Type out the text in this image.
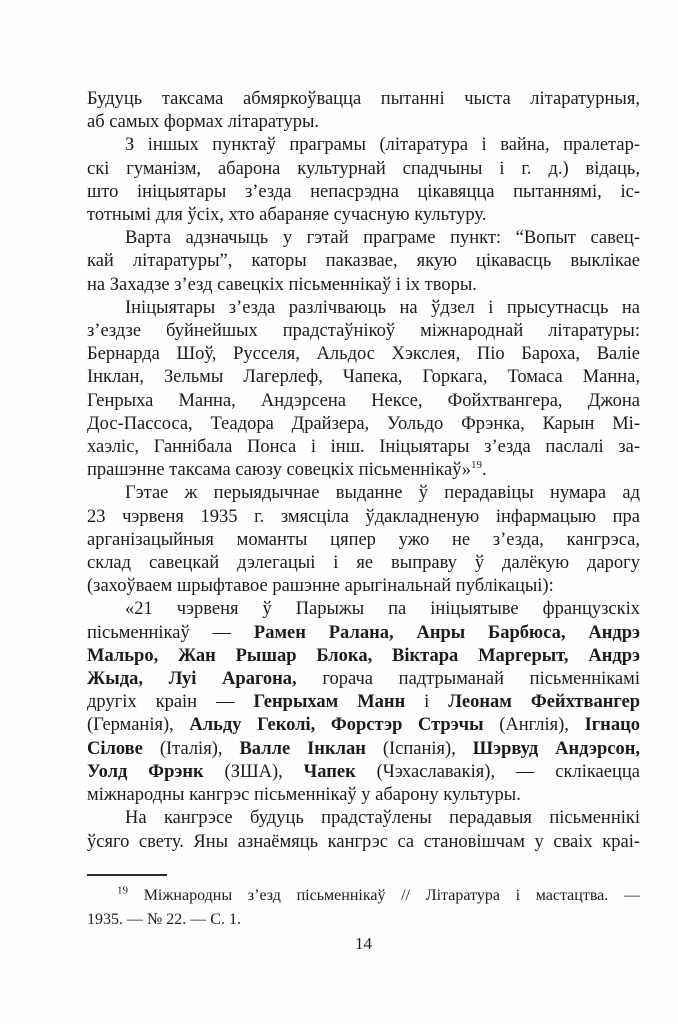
Будуць таксама абмяркоўвацца пытанні чыста літаратурныя,
аб самых формах літаратуры.
З іншых пунктаў праграмы (літаратура і вайна, пралетар-
скі гуманізм, абарона культурнай спадчыны і г. д.) відаць,
што ініцыятары з’езда непасрэдна цікавяцца пытаннямі, іс-
тотнымі для ўсіх, хто абараняе сучасную культуру.
Варта адзначыць у гэтай праграме пункт: “Вопыт савец-
кай літаратуры”, каторы паказвае, якую цікавасць выклікае
на Захадзе з’езд савецкіх пісьменнікаў і іх творы.
Ініцыятары з’езда разлічваюць на ўдзел і прысутнасць на
з’ездзе буйнейшых прадстаўнікоў міжнароднай літаратуры:
Бернарда Шоў, Русселя, Альдос Хэкслея, Піо Бароха, Валіе
Інклан, Зельмы Лагерлеф, Чапека, Горкага, Томаса Манна,
Генрыха Манна, Андэрсена Нексе, Фойхтвангера, Джона
Дос-Пассоса, Теадора Драйзера, Уольдо Фрэнка, Карын Мі-
хаэліс, Ганнібала Понса і інш. Ініцыятары з’езда паслалі за-
прашэнне таксама саюзу совецкіх пісьменнікаў»$^{19}$.
Гэтае ж перыядычнае выданне ў перадавіцы нумара ад
23 чэрвеня 1935 г. змясціла ўдакладненую інфармацыю пра
арганізацыйныя моманты цяпер ужо не з’езда, кангрэса,
склад савецкай дэлегацыі і яе выправу ў далёкую дарогу
(захоўваем шрыфтавое рашэнне арыгінальнай публікацыі):
«21 чэрвеня ў Парыжы па ініцыятыве французскіх
пісьменнікаў — Рамен Ралана, Анры Барбюса, Андрэ
Мальро, Жан Рышар Блока, Віктара Маргерыт, Андрэ
Жыда, Луі Арагона, горача падтрыманай пісьменнікамі
другіх краін — Генрыхам Манн і Леонам Фейхтвангер
(Германія), Альду Геколі, Форстэр Стрэчы (Англія), Ігнацо
Сілове (Італія), Валле Інклан (Іспанія), Шэрвуд Андэрсон,
Уолд Фрэнк (ЗША), Чапек (Чэхаславакія), — склікаецца
міжнародны кангрэс пісьменнікаў у абарону культуры.
На кангрэсе будуць прадстаўлены перадавыя пісьменнікі
ўсяго свету. Яны азнаёмяць кангрэс са становішчам у сваіх краі-
$^{19}$ Міжнародны з’езд пісьменнікаў // Літаратура і мастацтва. —
1935. — № 22. — С. 1.
14
